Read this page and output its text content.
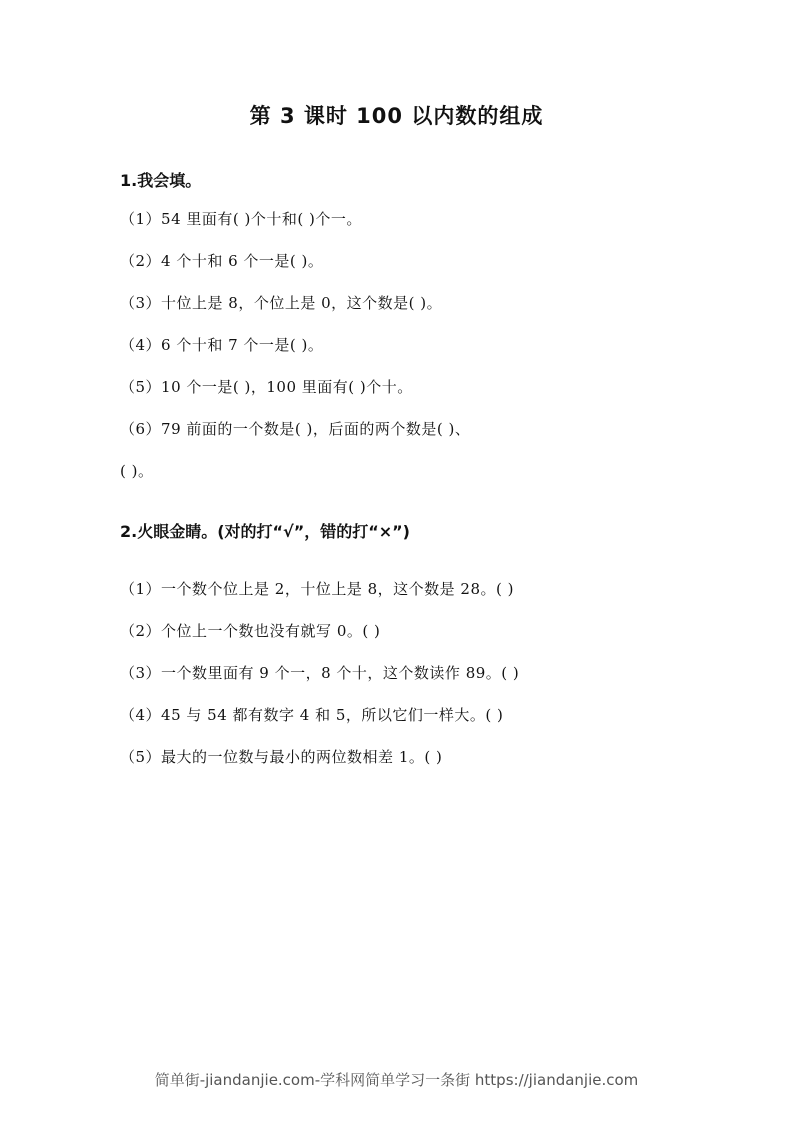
第 3 课时 100 以内数的组成
1.我会填。
（1）54 里面有( )个十和( )个一。
（2）4 个十和 6 个一是( )。
（3）十位上是 8，个位上是 0，这个数是( )。
（4）6 个十和 7 个一是( )。
（5）10 个一是( )，100 里面有( )个十。
（6）79 前面的一个数是( )，后面的两个数是( )、
( )。
2.火眼金睛。(对的打“√”，错的打“×”)
（1）一个数个位上是 2，十位上是 8，这个数是 28。( )
（2）个位上一个数也没有就写 0。( )
（3）一个数里面有 9 个一，8 个十，这个数读作 89。( )
（4）45 与 54 都有数字 4 和 5，所以它们一样大。( )
（5）最大的一位数与最小的两位数相差 1。( )
简单街-jiandanjie.com-学科网简单学习一条街 https://jiandanjie.com
